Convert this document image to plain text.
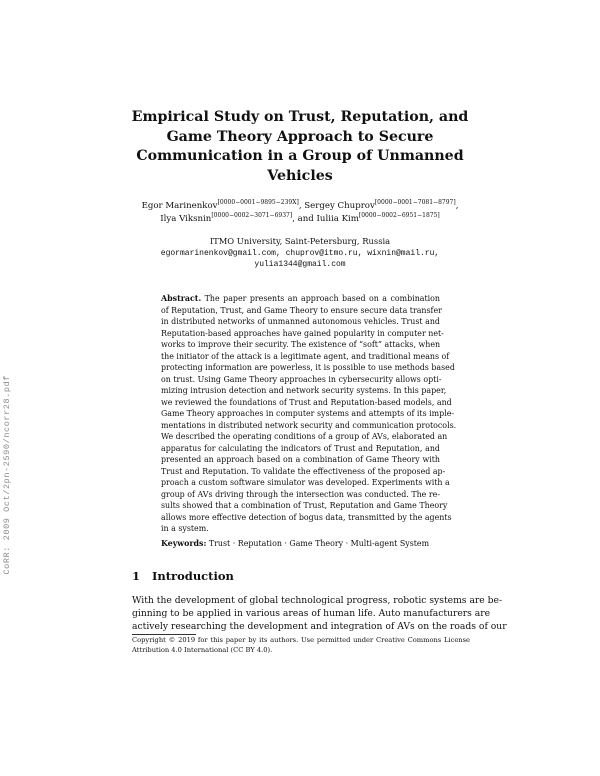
CoRR: 2009 Oct/2pn-2590/ncorr28.pdf
Empirical Study on Trust, Reputation, and
Game Theory Approach to Secure
Communication in a Group of Unmanned
Vehicles
Egor Marinenkov[0000−0001−9895−239X], Sergey Chuprov[0000−0001−7081−8797],
Ilya Viksnin[0000−0002−3071−6937], and Iuliia Kim[0000−0002−6951−1875]
ITMO University, Saint-Petersburg, Russia
egormarinenkov@gmail.com, chuprov@itmo.ru, wixnin@mail.ru,
yulia1344@gmail.com
Abstract. The paper presents an approach based on a combination
of Reputation, Trust, and Game Theory to ensure secure data transfer
in distributed networks of unmanned autonomous vehicles. Trust and
Reputation-based approaches have gained popularity in computer net-
works to improve their security. The existence of “soft” attacks, when
the initiator of the attack is a legitimate agent, and traditional means of
protecting information are powerless, it is possible to use methods based
on trust. Using Game Theory approaches in cybersecurity allows opti-
mizing intrusion detection and network security systems. In this paper,
we reviewed the foundations of Trust and Reputation-based models, and
Game Theory approaches in computer systems and attempts of its imple-
mentations in distributed network security and communication protocols.
We described the operating conditions of a group of AVs, elaborated an
apparatus for calculating the indicators of Trust and Reputation, and
presented an approach based on a combination of Game Theory with
Trust and Reputation. To validate the effectiveness of the proposed ap-
proach a custom software simulator was developed. Experiments with a
group of AVs driving through the intersection was conducted. The re-
sults showed that a combination of Trust, Reputation and Game Theory
allows more effective detection of bogus data, transmitted by the agents
in a system.
Keywords: Trust · Reputation · Game Theory · Multi-agent System
1 Introduction
With the development of global technological progress, robotic systems are be-
ginning to be applied in various areas of human life. Auto manufacturers are
actively researching the development and integration of AVs on the roads of our
Copyright © 2019 for this paper by its authors. Use permitted under Creative Commons License
Attribution 4.0 International (CC BY 4.0).
